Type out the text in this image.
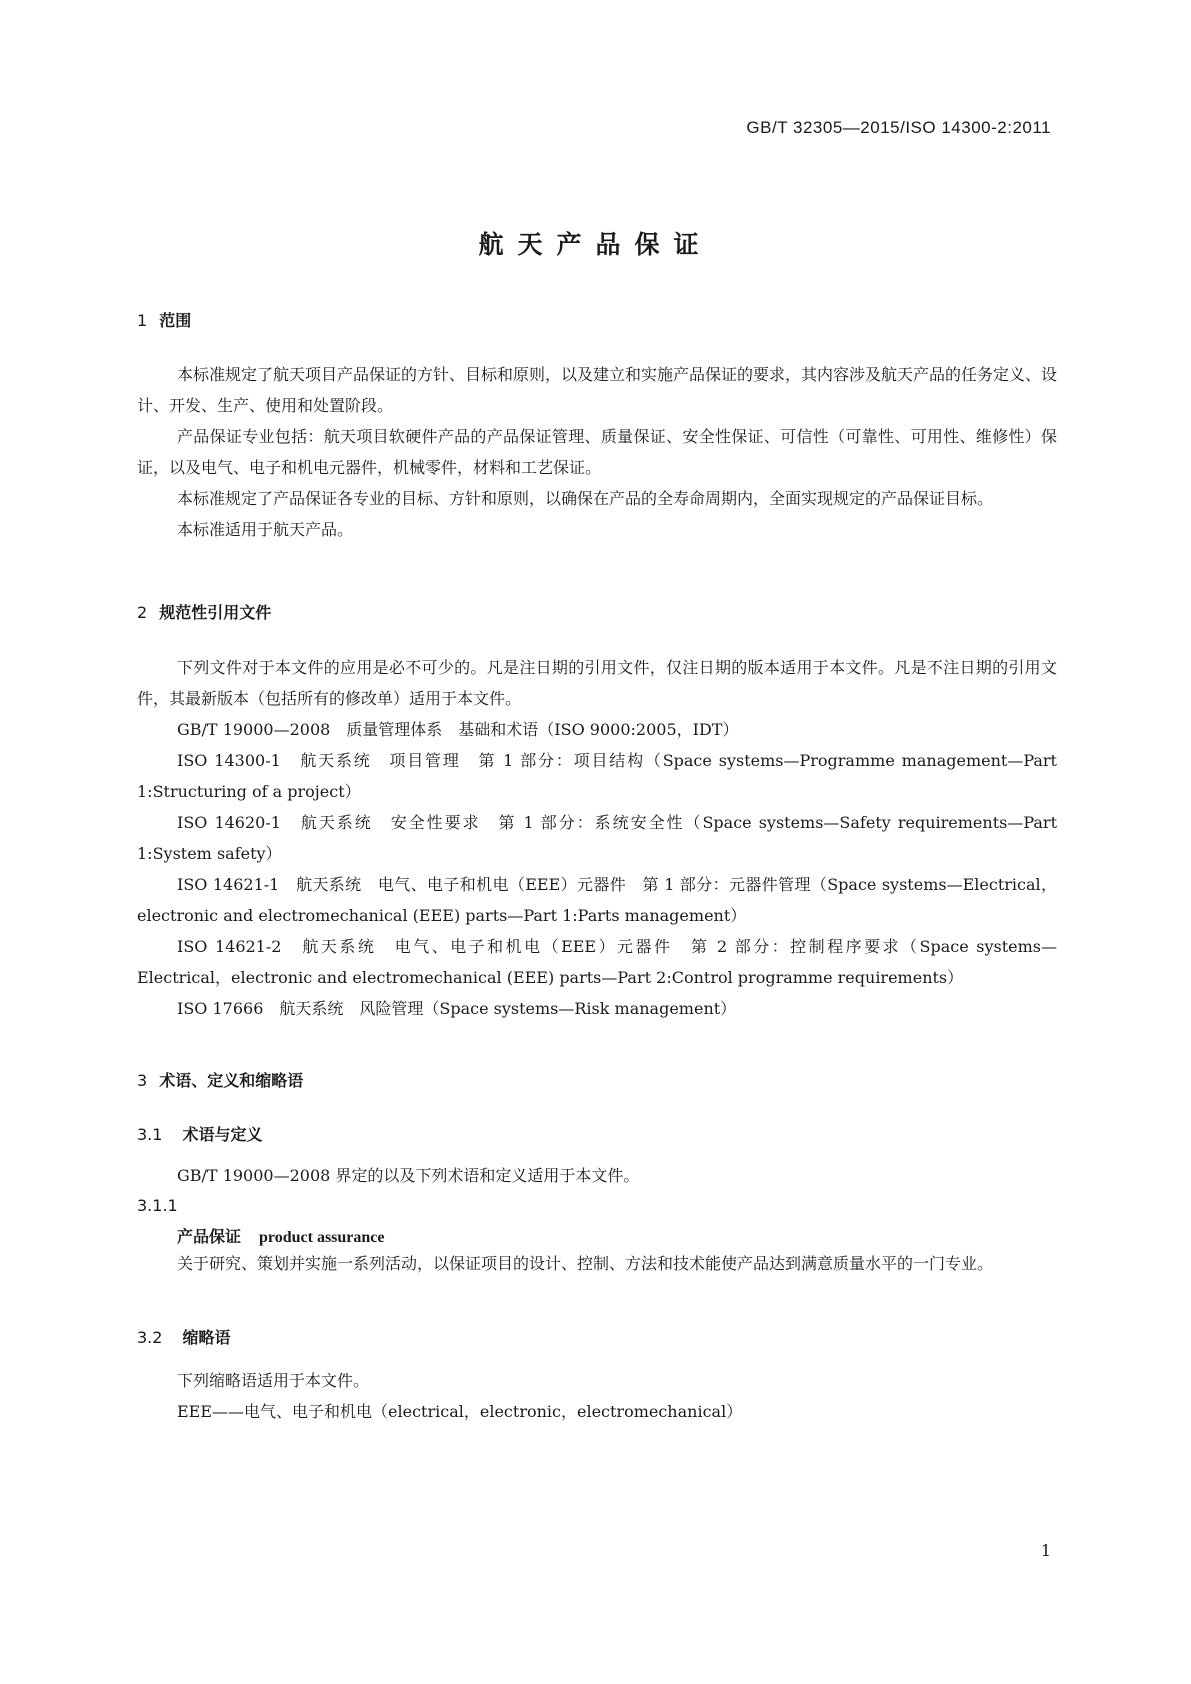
GB/T 32305—2015/ISO 14300-2:2011
航天产品保证
1 范围

本标准规定了航天项目产品保证的方针、目标和原则，以及建立和实施产品保证的要求，其内容涉及航天产品的任务定义、设计、开发、生产、使用和处置阶段。

产品保证专业包括：航天项目软硬件产品的产品保证管理、质量保证、安全性保证、可信性（可靠性、可用性、维修性）保证，以及电气、电子和机电元器件，机械零件，材料和工艺保证。

本标准规定了产品保证各专业的目标、方针和原则，以确保在产品的全寿命周期内，全面实现规定的产品保证目标。

本标准适用于航天产品。

2 规范性引用文件

下列文件对于本文件的应用是必不可少的。凡是注日期的引用文件，仅注日期的版本适用于本文件。凡是不注日期的引用文件，其最新版本（包括所有的修改单）适用于本文件。

GB/T 19000—2008　质量管理体系　基础和术语（ISO 9000:2005，IDT）

ISO 14300-1　航天系统　项目管理　第 1 部分：项目结构（Space systems—Programme management—Part 1:Structuring of a project）

ISO 14620-1　航天系统　安全性要求　第 1 部分：系统安全性（Space systems—Safety requirements—Part 1:System safety）

ISO 14621-1　航天系统　电气、电子和机电（EEE）元器件　第 1 部分：元器件管理（Space systems—Electrical，electronic and electromechanical (EEE) parts—Part 1:Parts management）

ISO 14621-2　航天系统　电气、电子和机电（EEE）元器件　第 2 部分：控制程序要求（Space systems—Electrical，electronic and electromechanical (EEE) parts—Part 2:Control programme requirements）

ISO 17666　航天系统　风险管理（Space systems—Risk management）

3 术语、定义和缩略语
3.1 术语与定义
GB/T 19000—2008 界定的以及下列术语和定义适用于本文件。
3.1.1
产品保证 product assurance

关于研究、策划并实施一系列活动，以保证项目的设计、控制、方法和技术能使产品达到满意质量水平的一门专业。

3.2 缩略语
下列缩略语适用于本文件。
EEE——电气、电子和机电（electrical，electronic，electromechanical）
1
